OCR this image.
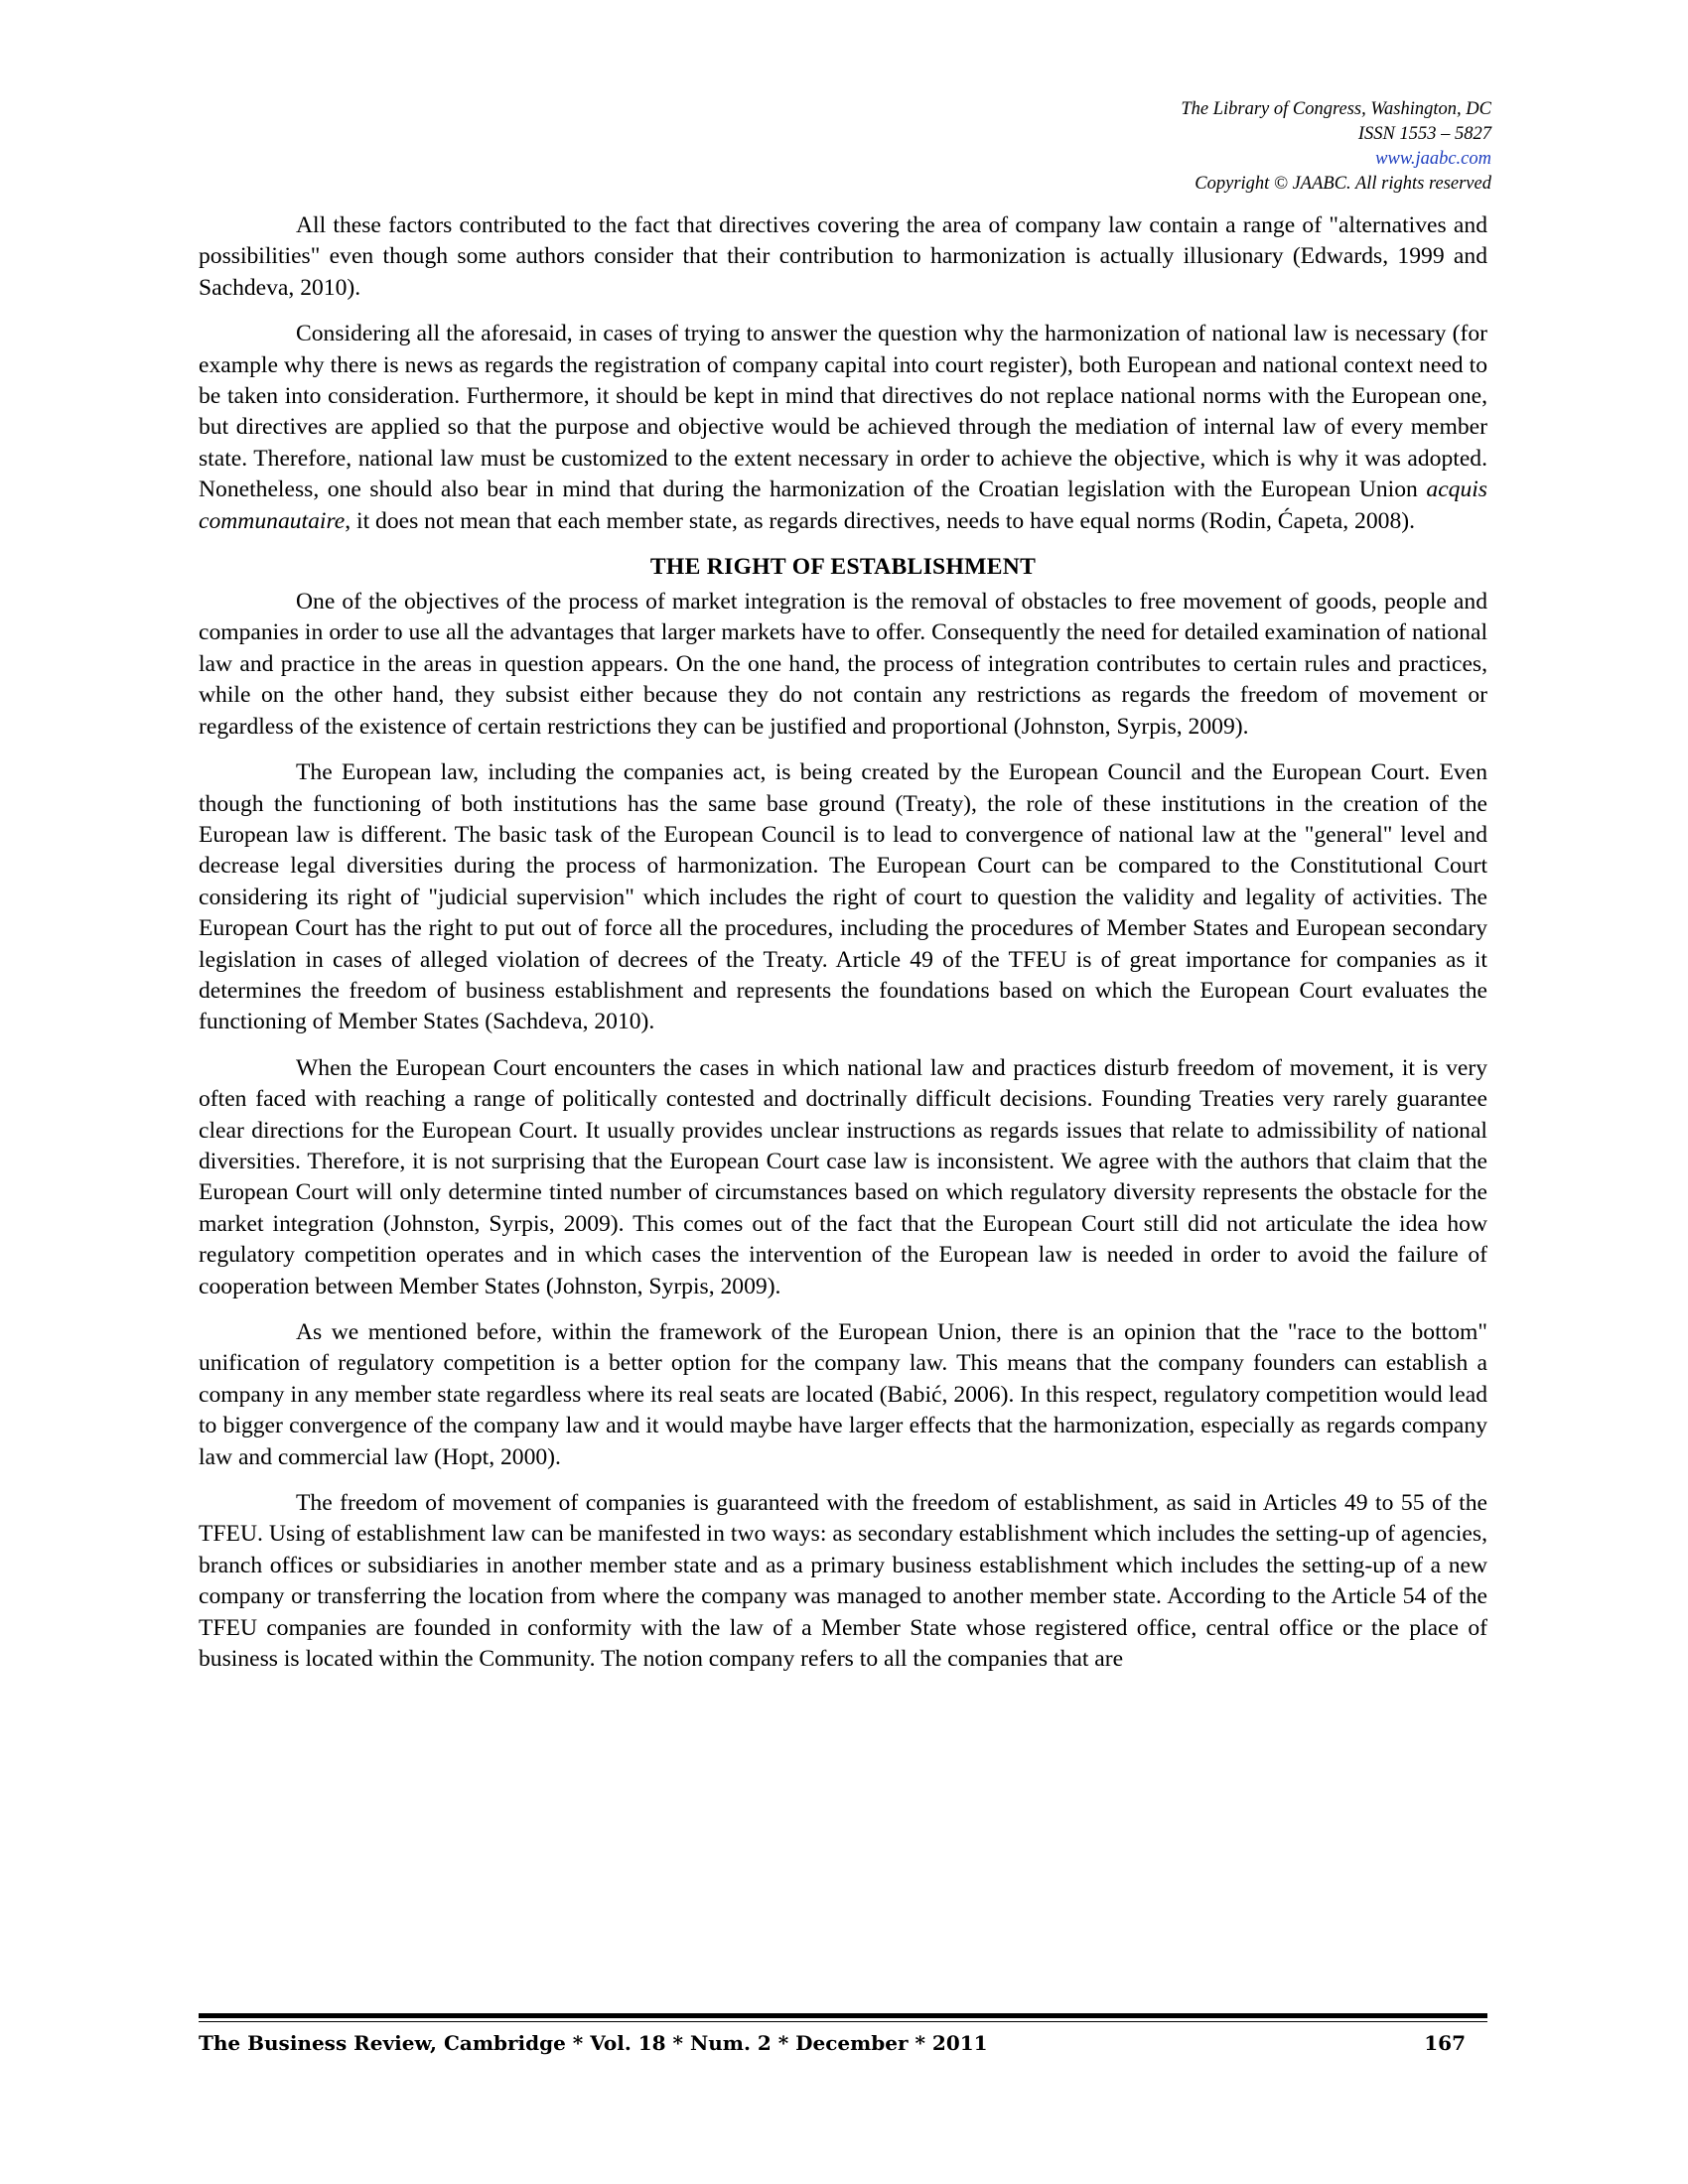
The Library of Congress, Washington, DC
ISSN 1553 – 5827
www.jaabc.com
Copyright © JAABC. All rights reserved

All these factors contributed to the fact that directives covering the area of company law contain a range of "alternatives and possibilities" even though some authors consider that their contribution to harmonization is actually illusionary (Edwards, 1999 and Sachdeva, 2010).

Considering all the aforesaid, in cases of trying to answer the question why the harmonization of national law is necessary (for example why there is news as regards the registration of company capital into court register), both European and national context need to be taken into consideration. Furthermore, it should be kept in mind that directives do not replace national norms with the European one, but directives are applied so that the purpose and objective would be achieved through the mediation of internal law of every member state. Therefore, national law must be customized to the extent necessary in order to achieve the objective, which is why it was adopted. Nonetheless, one should also bear in mind that during the harmonization of the Croatian legislation with the European Union acquis communautaire, it does not mean that each member state, as regards directives, needs to have equal norms (Rodin, Ćapeta, 2008).

THE RIGHT OF ESTABLISHMENT

One of the objectives of the process of market integration is the removal of obstacles to free movement of goods, people and companies in order to use all the advantages that larger markets have to offer. Consequently the need for detailed examination of national law and practice in the areas in question appears. On the one hand, the process of integration contributes to certain rules and practices, while on the other hand, they subsist either because they do not contain any restrictions as regards the freedom of movement or regardless of the existence of certain restrictions they can be justified and proportional (Johnston, Syrpis, 2009).

The European law, including the companies act, is being created by the European Council and the European Court. Even though the functioning of both institutions has the same base ground (Treaty), the role of these institutions in the creation of the European law is different. The basic task of the European Council is to lead to convergence of national law at the "general" level and decrease legal diversities during the process of harmonization. The European Court can be compared to the Constitutional Court considering its right of "judicial supervision" which includes the right of court to question the validity and legality of activities. The European Court has the right to put out of force all the procedures, including the procedures of Member States and European secondary legislation in cases of alleged violation of decrees of the Treaty. Article 49 of the TFEU is of great importance for companies as it determines the freedom of business establishment and represents the foundations based on which the European Court evaluates the functioning of Member States (Sachdeva, 2010).

When the European Court encounters the cases in which national law and practices disturb freedom of movement, it is very often faced with reaching a range of politically contested and doctrinally difficult decisions. Founding Treaties very rarely guarantee clear directions for the European Court. It usually provides unclear instructions as regards issues that relate to admissibility of national diversities. Therefore, it is not surprising that the European Court case law is inconsistent. We agree with the authors that claim that the European Court will only determine tinted number of circumstances based on which regulatory diversity represents the obstacle for the market integration (Johnston, Syrpis, 2009). This comes out of the fact that the European Court still did not articulate the idea how regulatory competition operates and in which cases the intervention of the European law is needed in order to avoid the failure of cooperation between Member States (Johnston, Syrpis, 2009).

As we mentioned before, within the framework of the European Union, there is an opinion that the "race to the bottom" unification of regulatory competition is a better option for the company law. This means that the company founders can establish a company in any member state regardless where its real seats are located (Babić, 2006). In this respect, regulatory competition would lead to bigger convergence of the company law and it would maybe have larger effects that the harmonization, especially as regards company law and commercial law (Hopt, 2000).

The freedom of movement of companies is guaranteed with the freedom of establishment, as said in Articles 49 to 55 of the TFEU. Using of establishment law can be manifested in two ways: as secondary establishment which includes the setting-up of agencies, branch offices or subsidiaries in another member state and as a primary business establishment which includes the setting-up of a new company or transferring the location from where the company was managed to another member state. According to the Article 54 of the TFEU companies are founded in conformity with the law of a Member State whose registered office, central office or the place of business is located within the Community. The notion company refers to all the companies that are

The Business Review, Cambridge * Vol. 18 * Num. 2 * December * 2011	167
